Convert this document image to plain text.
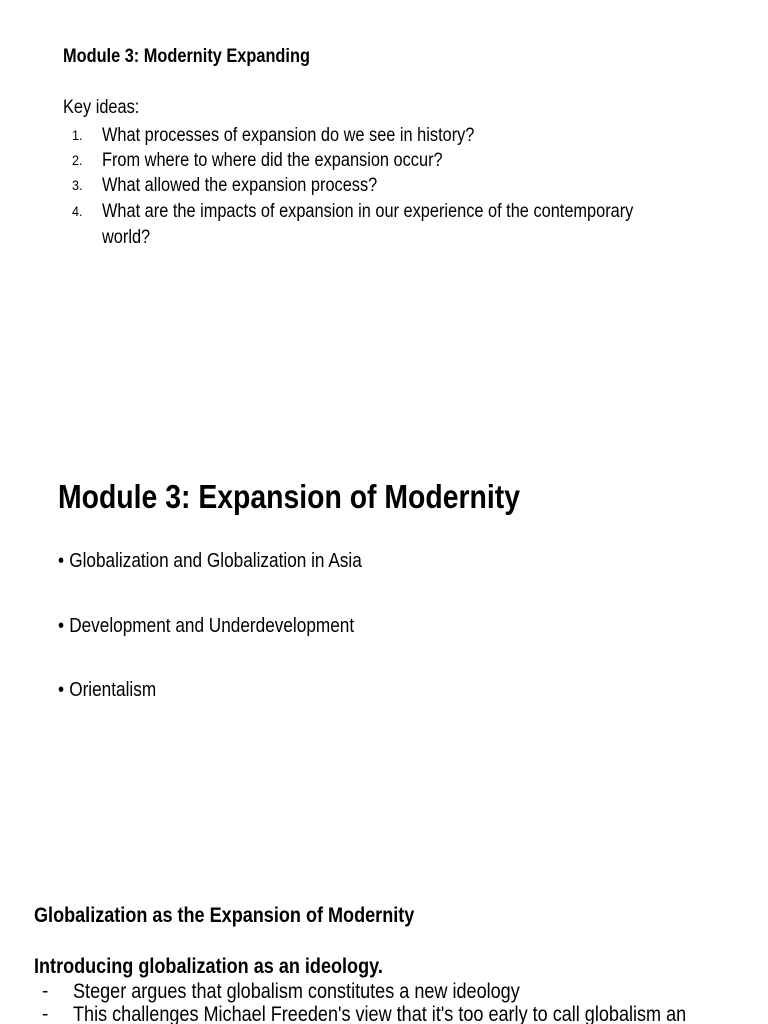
Module 3: Modernity Expanding
Key ideas:
1. What processes of expansion do we see in history?
2. From where to where did the expansion occur?
3. What allowed the expansion process?
4. What are the impacts of expansion in our experience of the contemporary world?
Module 3: Expansion of Modernity
• Globalization and Globalization in Asia
• Development and Underdevelopment
• Orientalism
Globalization as the Expansion of Modernity
Introducing globalization as an ideology.
- Steger argues that globalism constitutes a new ideology
- This challenges Michael Freeden's view that it's too early to call globalism an
